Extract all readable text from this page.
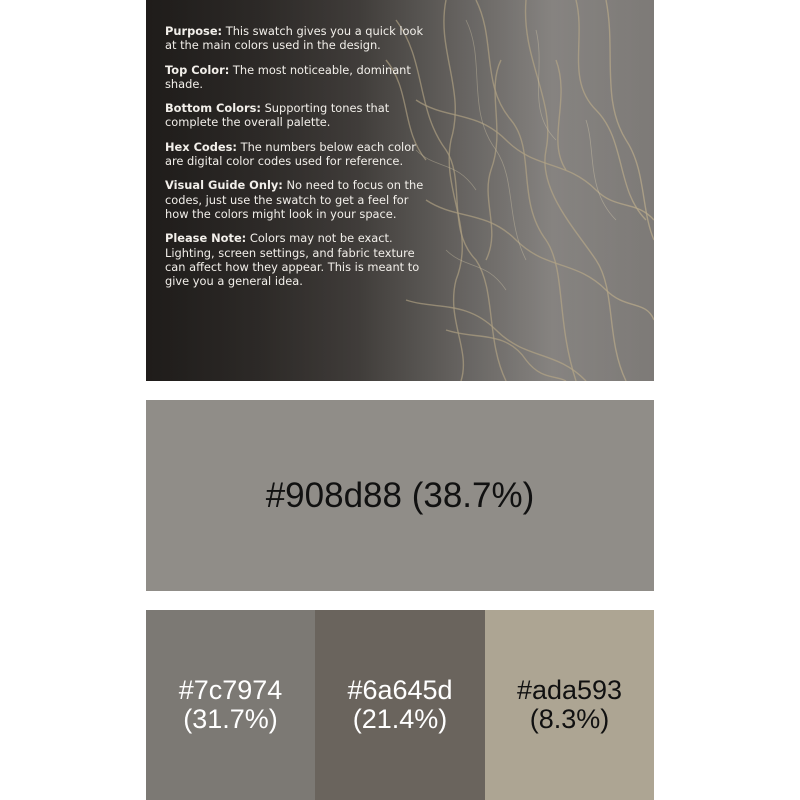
Purpose: This swatch gives you a quick look at the main colors used in the design.

Top Color: The most noticeable, dominant shade.

Bottom Colors: Supporting tones that complete the overall palette.

Hex Codes: The numbers below each color are digital color codes used for reference.

Visual Guide Only: No need to focus on the codes, just use the swatch to get a feel for how the colors might look in your space.

Please Note: Colors may not be exact. Lighting, screen settings, and fabric texture can affect how they appear. This is meant to give you a general idea.

#908d88 (38.7%)
#7c7974
(31.7%)
#6a645d
(21.4%)
#ada593
(8.3%)
